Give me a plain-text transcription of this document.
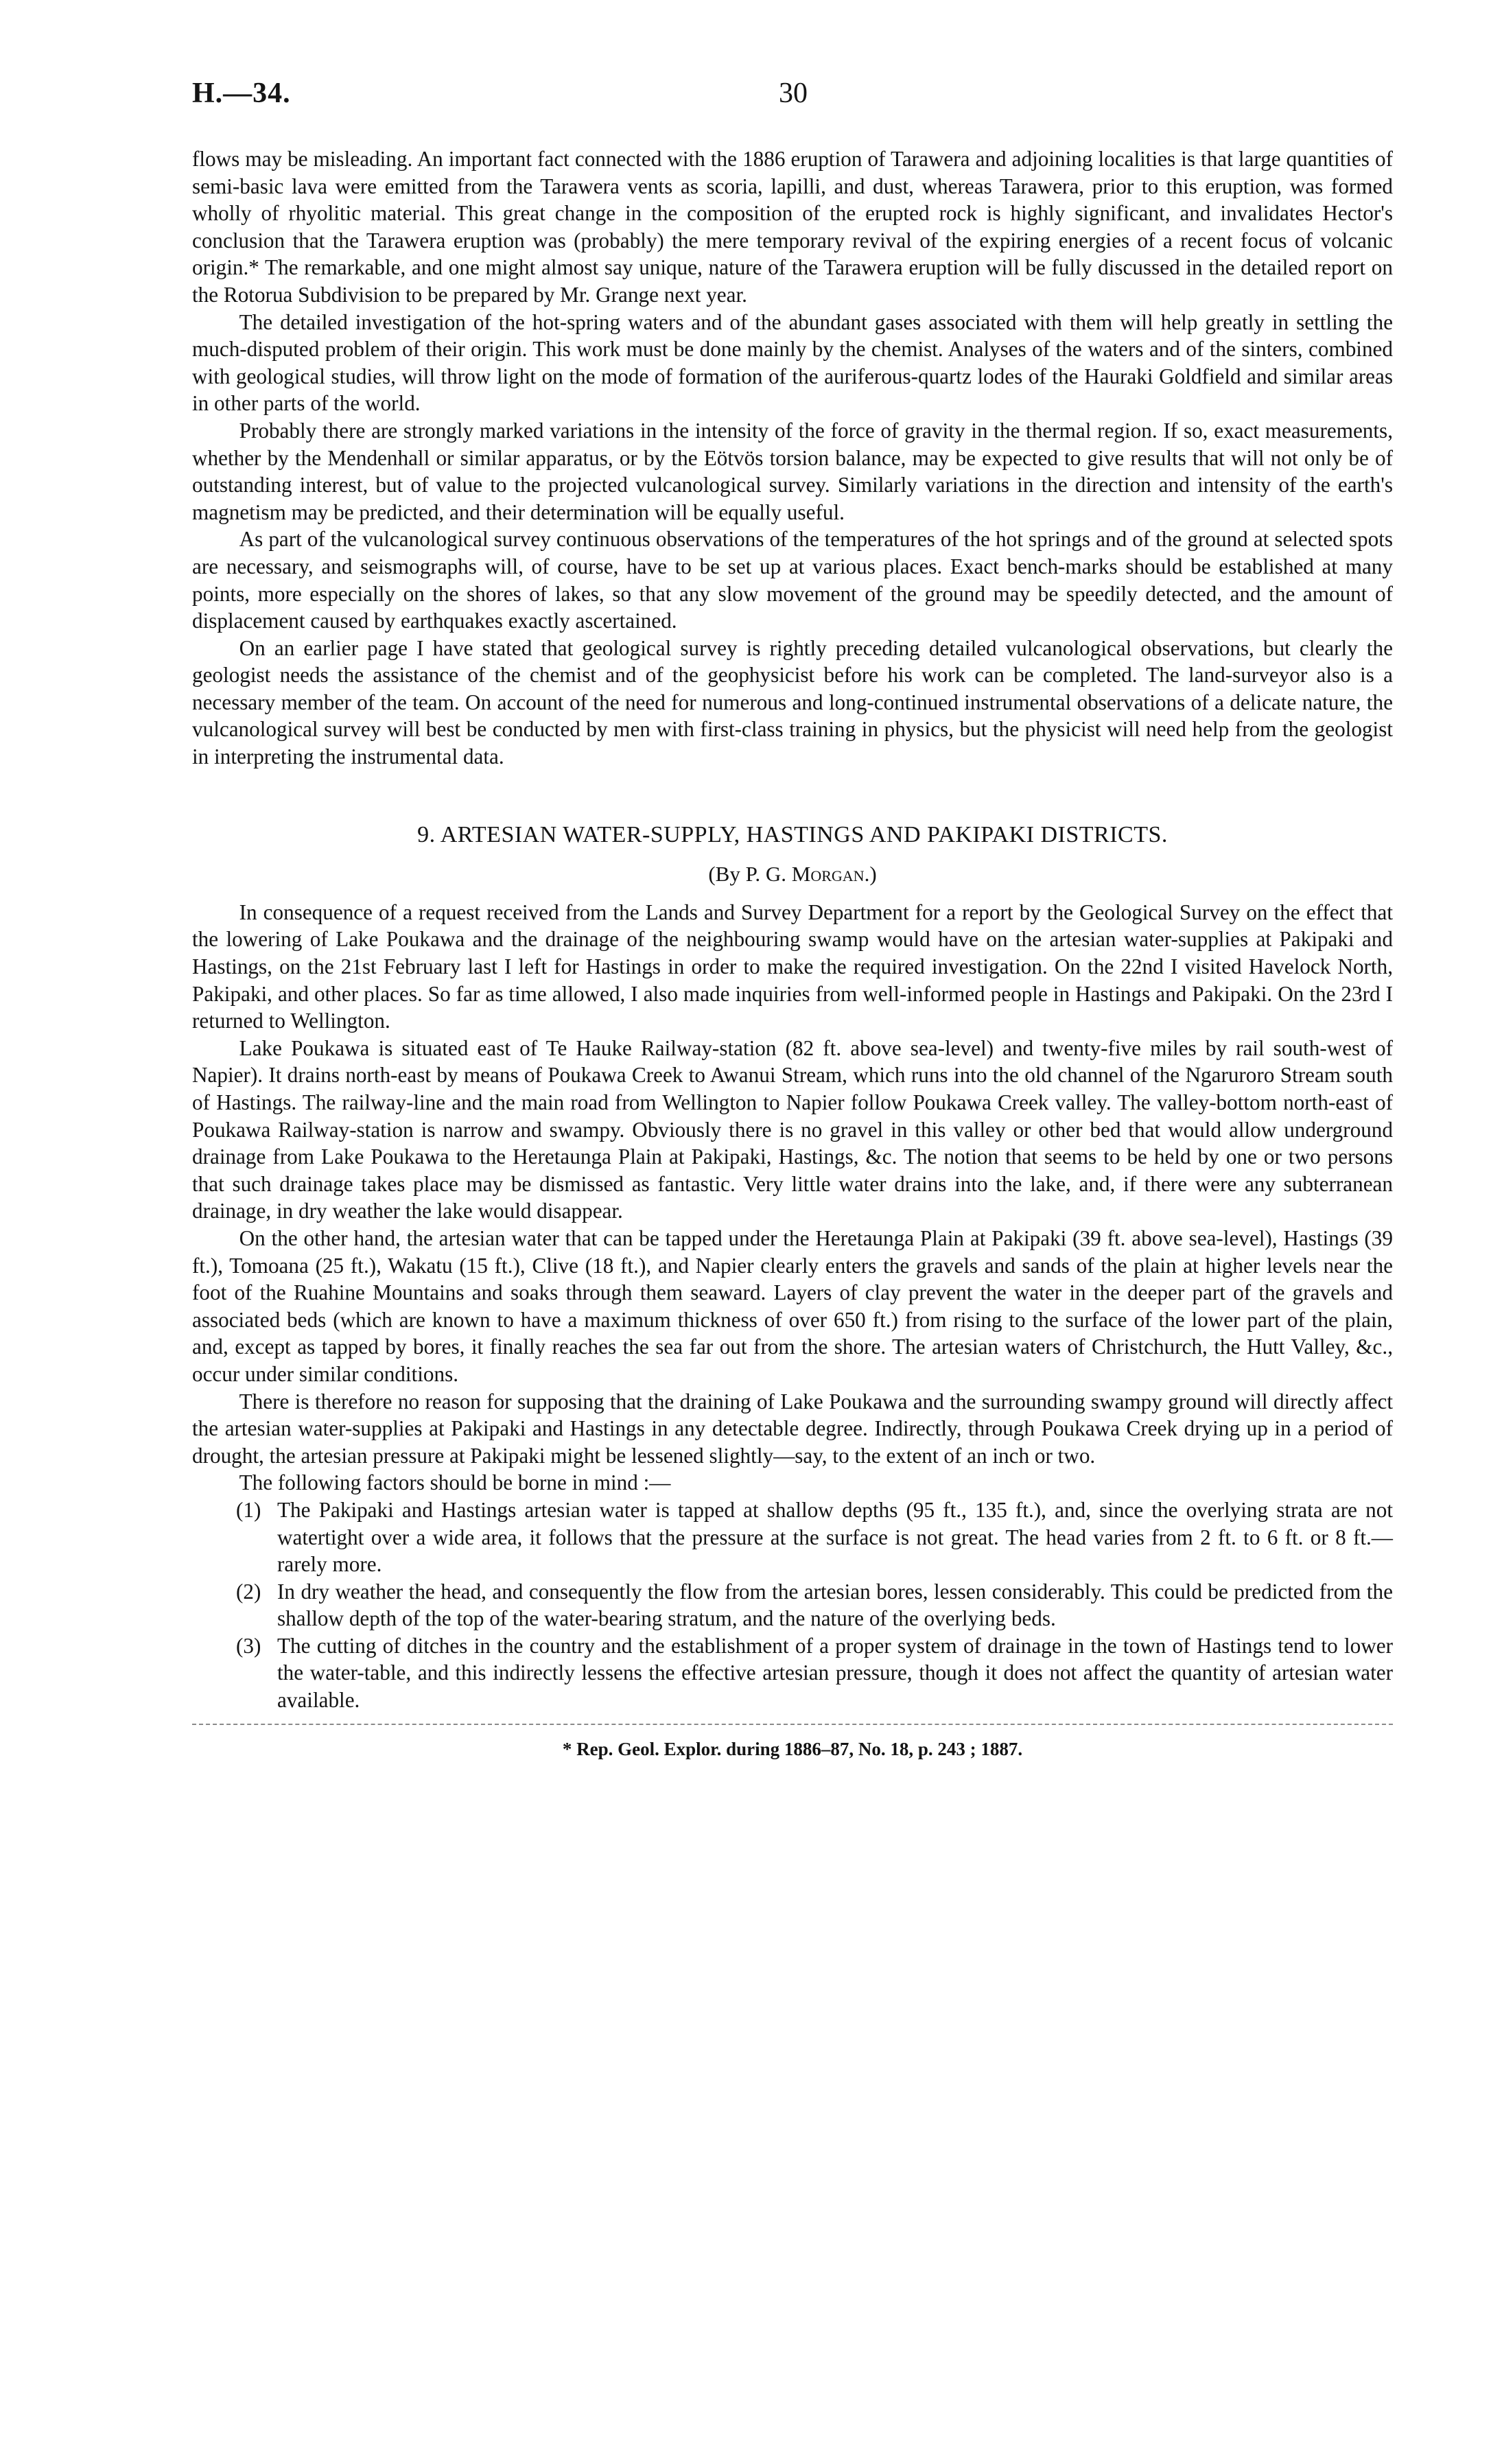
H.—34.	30

flows may be misleading. An important fact connected with the 1886 eruption of Tarawera and adjoining localities is that large quantities of semi-basic lava were emitted from the Tarawera vents as scoria, lapilli, and dust, whereas Tarawera, prior to this eruption, was formed wholly of rhyolitic material. This great change in the composition of the erupted rock is highly significant, and invalidates Hector's conclusion that the Tarawera eruption was (probably) the mere temporary revival of the expiring energies of a recent focus of volcanic origin.* The remarkable, and one might almost say unique, nature of the Tarawera eruption will be fully discussed in the detailed report on the Rotorua Subdivision to be prepared by Mr. Grange next year.

The detailed investigation of the hot-spring waters and of the abundant gases associated with them will help greatly in settling the much-disputed problem of their origin. This work must be done mainly by the chemist. Analyses of the waters and of the sinters, combined with geological studies, will throw light on the mode of formation of the auriferous-quartz lodes of the Hauraki Goldfield and similar areas in other parts of the world.

Probably there are strongly marked variations in the intensity of the force of gravity in the thermal region. If so, exact measurements, whether by the Mendenhall or similar apparatus, or by the Eötvös torsion balance, may be expected to give results that will not only be of outstanding interest, but of value to the projected vulcanological survey. Similarly variations in the direction and intensity of the earth's magnetism may be predicted, and their determination will be equally useful.

As part of the vulcanological survey continuous observations of the temperatures of the hot springs and of the ground at selected spots are necessary, and seismographs will, of course, have to be set up at various places. Exact bench-marks should be established at many points, more especially on the shores of lakes, so that any slow movement of the ground may be speedily detected, and the amount of displacement caused by earthquakes exactly ascertained.

On an earlier page I have stated that geological survey is rightly preceding detailed vulcanological observations, but clearly the geologist needs the assistance of the chemist and of the geophysicist before his work can be completed. The land-surveyor also is a necessary member of the team. On account of the need for numerous and long-continued instrumental observations of a delicate nature, the vulcanological survey will best be conducted by men with first-class training in physics, but the physicist will need help from the geologist in interpreting the instrumental data.

9. ARTESIAN WATER-SUPPLY, HASTINGS AND PAKIPAKI DISTRICTS.
(By P. G. Morgan.)

In consequence of a request received from the Lands and Survey Department for a report by the Geological Survey on the effect that the lowering of Lake Poukawa and the drainage of the neighbouring swamp would have on the artesian water-supplies at Pakipaki and Hastings, on the 21st February last I left for Hastings in order to make the required investigation. On the 22nd I visited Havelock North, Pakipaki, and other places. So far as time allowed, I also made inquiries from well-informed people in Hastings and Pakipaki. On the 23rd I returned to Wellington.

Lake Poukawa is situated east of Te Hauke Railway-station (82 ft. above sea-level) and twenty-five miles by rail south-west of Napier). It drains north-east by means of Poukawa Creek to Awanui Stream, which runs into the old channel of the Ngaruroro Stream south of Hastings. The railway-line and the main road from Wellington to Napier follow Poukawa Creek valley. The valley-bottom north-east of Poukawa Railway-station is narrow and swampy. Obviously there is no gravel in this valley or other bed that would allow underground drainage from Lake Poukawa to the Heretaunga Plain at Pakipaki, Hastings, &c. The notion that seems to be held by one or two persons that such drainage takes place may be dismissed as fantastic. Very little water drains into the lake, and, if there were any subterranean drainage, in dry weather the lake would disappear.

On the other hand, the artesian water that can be tapped under the Heretaunga Plain at Pakipaki (39 ft. above sea-level), Hastings (39 ft.), Tomoana (25 ft.), Wakatu (15 ft.), Clive (18 ft.), and Napier clearly enters the gravels and sands of the plain at higher levels near the foot of the Ruahine Mountains and soaks through them seaward. Layers of clay prevent the water in the deeper part of the gravels and associated beds (which are known to have a maximum thickness of over 650 ft.) from rising to the surface of the lower part of the plain, and, except as tapped by bores, it finally reaches the sea far out from the shore. The artesian waters of Christchurch, the Hutt Valley, &c., occur under similar conditions.

There is therefore no reason for supposing that the draining of Lake Poukawa and the surrounding swampy ground will directly affect the artesian water-supplies at Pakipaki and Hastings in any detectable degree. Indirectly, through Poukawa Creek drying up in a period of drought, the artesian pressure at Pakipaki might be lessened slightly—say, to the extent of an inch or two.

The following factors should be borne in mind :—

(1) The Pakipaki and Hastings artesian water is tapped at shallow depths (95 ft., 135 ft.), and, since the overlying strata are not watertight over a wide area, it follows that the pressure at the surface is not great. The head varies from 2 ft. to 6 ft. or 8 ft.—rarely more.
(2) In dry weather the head, and consequently the flow from the artesian bores, lessen considerably. This could be predicted from the shallow depth of the top of the water-bearing stratum, and the nature of the overlying beds.
(3) The cutting of ditches in the country and the establishment of a proper system of drainage in the town of Hastings tend to lower the water-table, and this indirectly lessens the effective artesian pressure, though it does not affect the quantity of artesian water available.
* Rep. Geol. Explor. during 1886–87, No. 18, p. 243 ; 1887.
